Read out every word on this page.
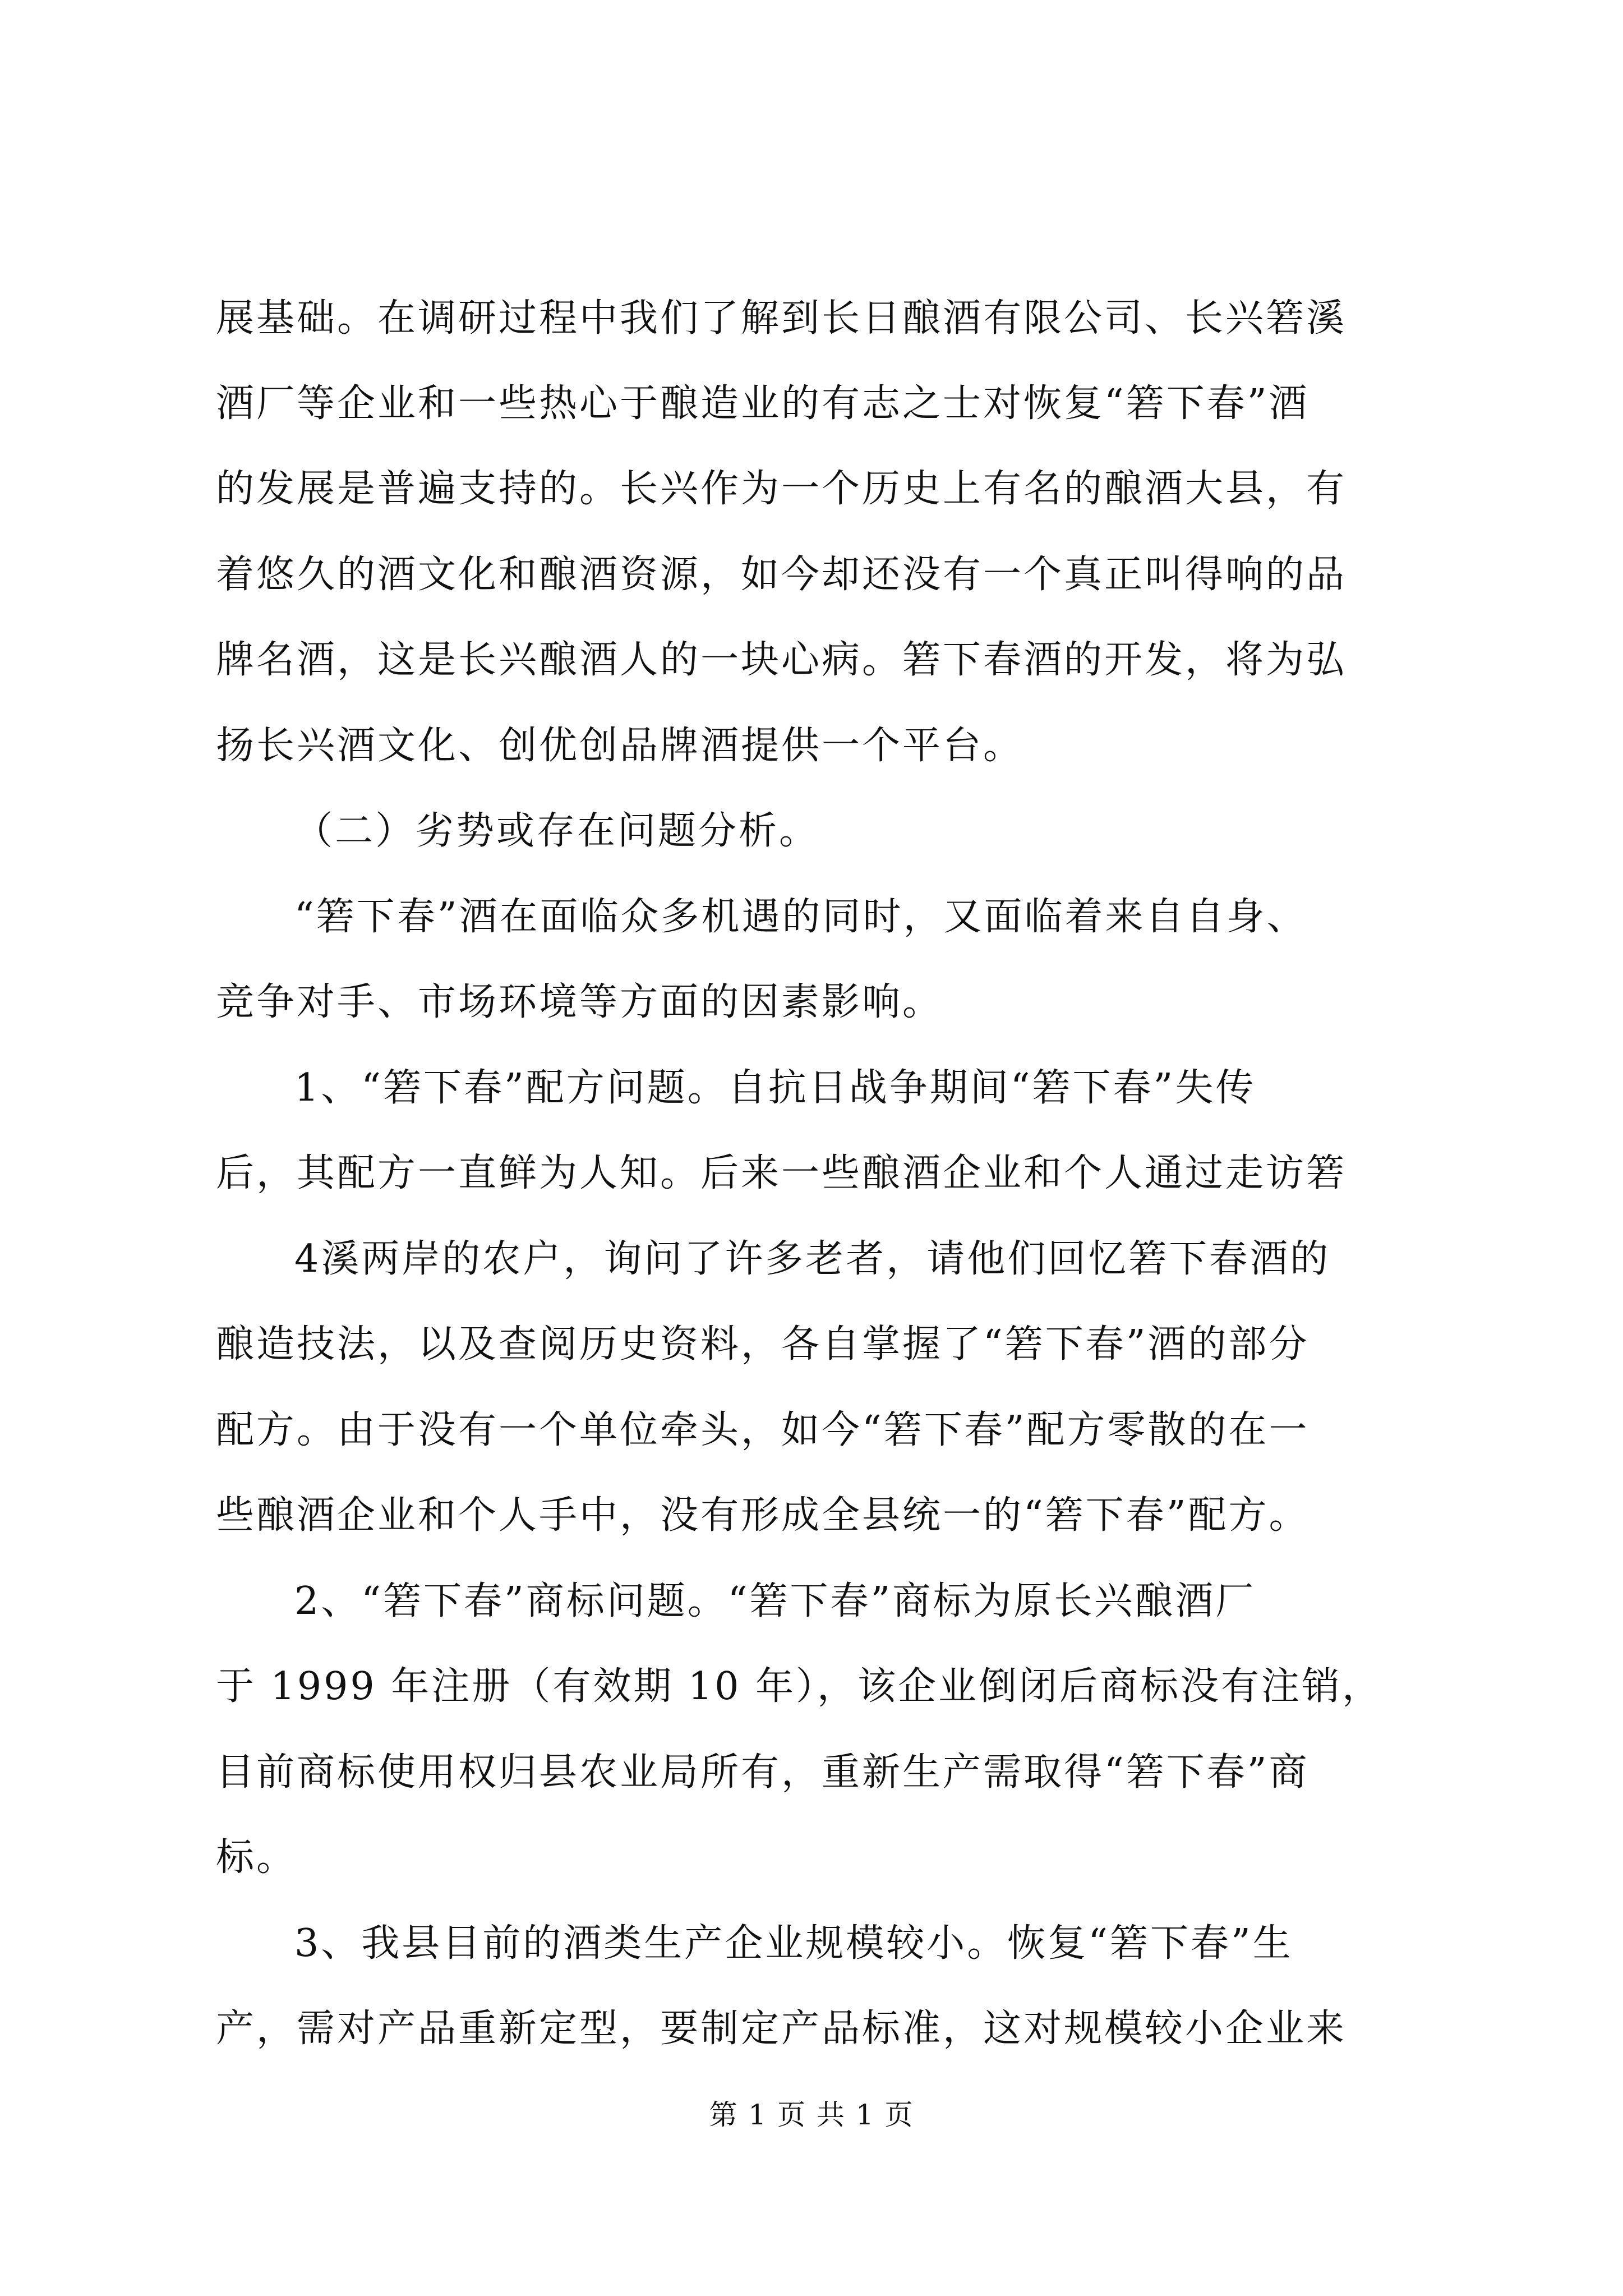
展基础。在调研过程中我们了解到长日酿酒有限公司、长兴箬溪
酒厂等企业和一些热心于酿造业的有志之士对恢复“箬下春”酒
的发展是普遍支持的。长兴作为一个历史上有名的酿酒大县，有
着悠久的酒文化和酿酒资源，如今却还没有一个真正叫得响的品
牌名酒，这是长兴酿酒人的一块心病。箬下春酒的开发，将为弘
扬长兴酒文化、创优创品牌酒提供一个平台。
（二）劣势或存在问题分析。
“箬下春”酒在面临众多机遇的同时，又面临着来自自身、
竞争对手、市场环境等方面的因素影响。
1、“箬下春”配方问题。自抗日战争期间“箬下春”失传
后，其配方一直鲜为人知。后来一些酿酒企业和个人通过走访箬
4溪两岸的农户，询问了许多老者，请他们回忆箬下春酒的
酿造技法，以及查阅历史资料，各自掌握了“箬下春”酒的部分
配方。由于没有一个单位牵头，如今“箬下春”配方零散的在一
些酿酒企业和个人手中，没有形成全县统一的“箬下春”配方。
2、“箬下春”商标问题。“箬下春”商标为原长兴酿酒厂
于 1999 年注册（有效期 10 年），该企业倒闭后商标没有注销，
目前商标使用权归县农业局所有，重新生产需取得“箬下春”商
标。
3、我县目前的酒类生产企业规模较小。恢复“箬下春”生
产，需对产品重新定型，要制定产品标准，这对规模较小企业来
第 1 页 共 1 页
